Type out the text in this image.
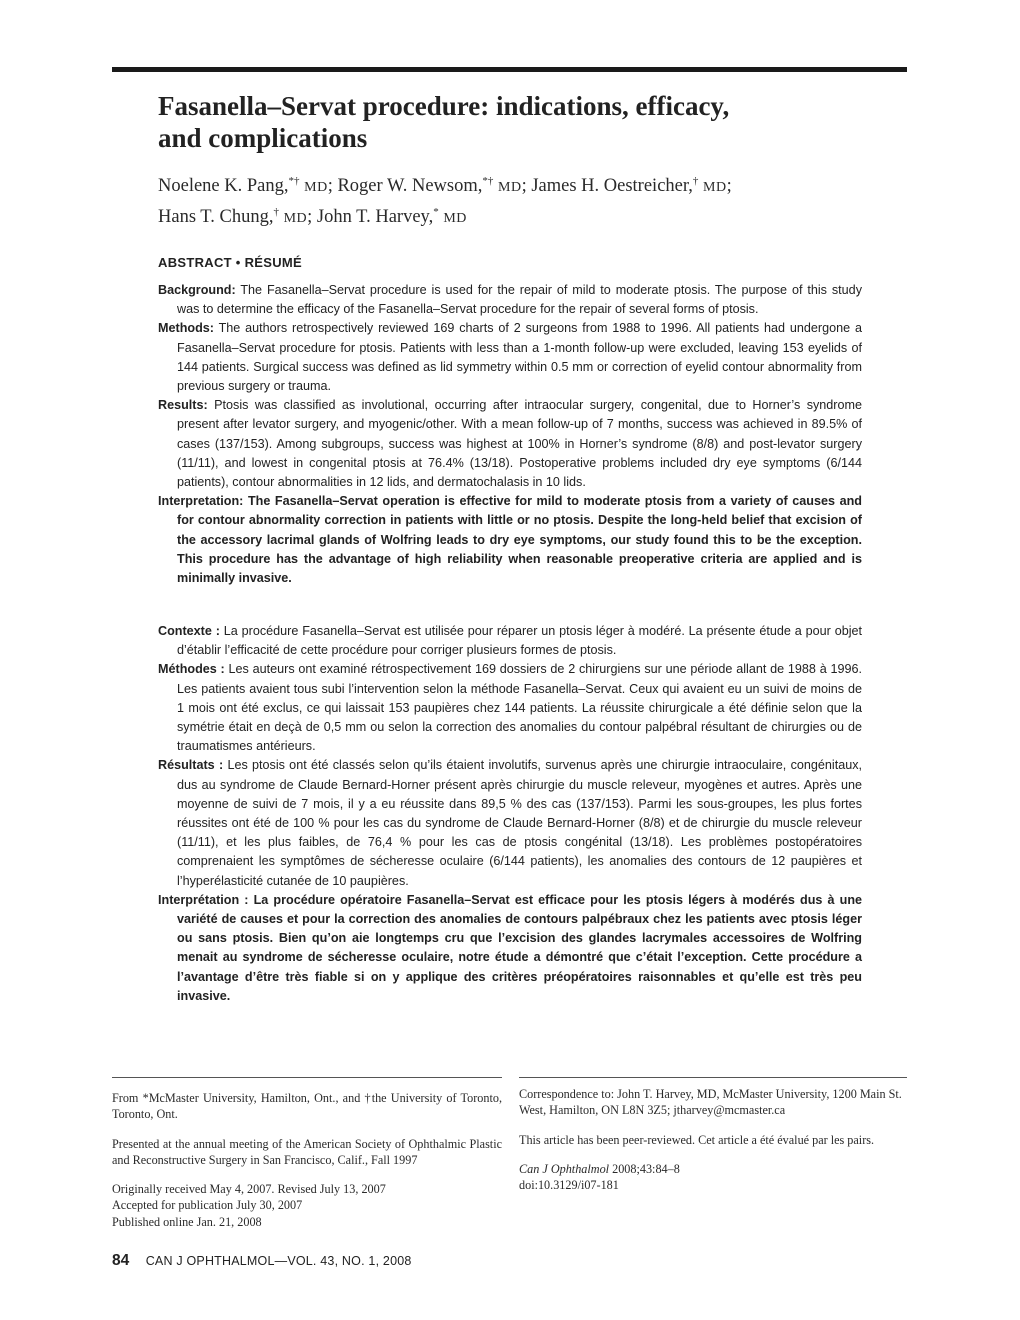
Fasanella–Servat procedure: indications, efficacy,
and complications
Noelene K. Pang,*† MD; Roger W. Newsom,*† MD; James H. Oestreicher,† MD;
Hans T. Chung,† MD; John T. Harvey,* MD
ABSTRACT • RÉSUMÉ

Background: The Fasanella–Servat procedure is used for the repair of mild to moderate ptosis. The purpose of this study was to determine the efficacy of the Fasanella–Servat procedure for the repair of several forms of ptosis.

Methods: The authors retrospectively reviewed 169 charts of 2 surgeons from 1988 to 1996. All patients had undergone a Fasanella–Servat procedure for ptosis. Patients with less than a 1-month follow-up were excluded, leaving 153 eyelids of 144 patients. Surgical success was defined as lid symmetry within 0.5 mm or correction of eyelid contour abnormality from previous surgery or trauma.

Results: Ptosis was classified as involutional, occurring after intraocular surgery, congenital, due to Horner’s syndrome present after levator surgery, and myogenic/other. With a mean follow-up of 7 months, success was achieved in 89.5% of cases (137/153). Among subgroups, success was highest at 100% in Horner’s syndrome (8/8) and post-levator surgery (11/11), and lowest in congenital ptosis at 76.4% (13/18). Postoperative problems included dry eye symptoms (6/144 patients), contour abnormalities in 12 lids, and dermatochalasis in 10 lids.

Interpretation: The Fasanella–Servat operation is effective for mild to moderate ptosis from a variety of causes and for contour abnormality correction in patients with little or no ptosis. Despite the long-held belief that excision of the accessory lacrimal glands of Wolfring leads to dry eye symptoms, our study found this to be the exception. This procedure has the advantage of high reliability when reasonable preoperative criteria are applied and is minimally invasive.

Contexte : La procédure Fasanella–Servat est utilisée pour réparer un ptosis léger à modéré. La présente étude a pour objet d’établir l’efficacité de cette procédure pour corriger plusieurs formes de ptosis.

Méthodes : Les auteurs ont examiné rétrospectivement 169 dossiers de 2 chirurgiens sur une période allant de 1988 à 1996. Les patients avaient tous subi l’intervention selon la méthode Fasanella–Servat. Ceux qui avaient eu un suivi de moins de 1 mois ont été exclus, ce qui laissait 153 paupières chez 144 patients. La réussite chirurgicale a été définie selon que la symétrie était en deçà de 0,5 mm ou selon la correction des anomalies du contour palpébral résultant de chirurgies ou de traumatismes antérieurs.

Résultats : Les ptosis ont été classés selon qu’ils étaient involutifs, survenus après une chirurgie intraoculaire, congénitaux, dus au syndrome de Claude Bernard-Horner présent après chirurgie du muscle releveur, myogènes et autres. Après une moyenne de suivi de 7 mois, il y a eu réussite dans 89,5 % des cas (137/153). Parmi les sous-groupes, les plus fortes réussites ont été de 100 % pour les cas du syndrome de Claude Bernard-Horner (8/8) et de chirurgie du muscle releveur (11/11), et les plus faibles, de 76,4 % pour les cas de ptosis congénital (13/18). Les problèmes postopératoires comprenaient les symptômes de sécheresse oculaire (6/144 patients), les anomalies des contours de 12 paupières et l’hyperélasticité cutanée de 10 paupières.

Interprétation : La procédure opératoire Fasanella–Servat est efficace pour les ptosis légers à modérés dus à une variété de causes et pour la correction des anomalies de contours palpébraux chez les patients avec ptosis léger ou sans ptosis. Bien qu’on aie longtemps cru que l’excision des glandes lacrymales accessoires de Wolfring menait au syndrome de sécheresse oculaire, notre étude a démontré que c’était l’exception. Cette procédure a l’avantage d’être très fiable si on y applique des critères préopératoires raisonnables et qu’elle est très peu invasive.

From *McMaster University, Hamilton, Ont., and †the University of Toronto, Toronto, Ont.

Presented at the annual meeting of the American Society of Ophthalmic Plastic and Reconstructive Surgery in San Francisco, Calif., Fall 1997

Originally received May 4, 2007. Revised July 13, 2007
Accepted for publication July 30, 2007
Published online Jan. 21, 2008

Correspondence to: John T. Harvey, MD, McMaster University, 1200 Main St. West, Hamilton, ON L8N 3Z5; jtharvey@mcmaster.ca

This article has been peer-reviewed. Cet article a été évalué par les pairs.

Can J Ophthalmol 2008;43:84–8
doi:10.3129/i07-181

84 CAN J OPHTHALMOL—VOL. 43, NO. 1, 2008
